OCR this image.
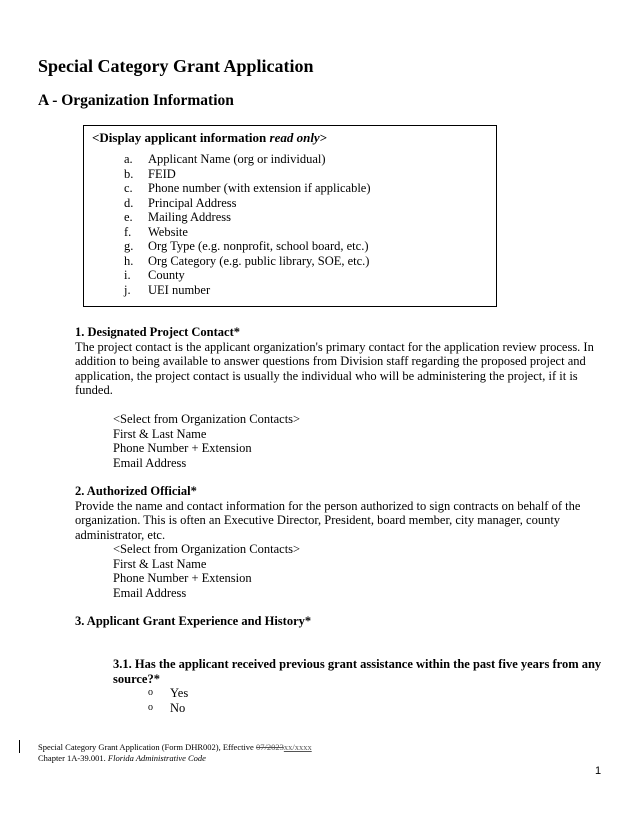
Special Category Grant Application
A - Organization Information
<Display applicant information read only>
a.	Applicant Name (org or individual)
b.	FEID
c.	Phone number (with extension if applicable)
d.	Principal Address
e.	Mailing Address
f.	Website
g.	Org Type (e.g. nonprofit, school board, etc.)
h.	Org Category (e.g. public library, SOE, etc.)
i.	County
j.	UEI number
1. Designated Project Contact*
The project contact is the applicant organization's primary contact for the application review process. In addition to being available to answer questions from Division staff regarding the proposed project and application, the project contact is usually the individual who will be administering the project, if it is funded.
<Select from Organization Contacts>
First & Last Name
Phone Number + Extension
Email Address
2. Authorized Official*
Provide the name and contact information for the person authorized to sign contracts on behalf of the organization. This is often an Executive Director, President, board member, city manager, county administrator, etc.
<Select from Organization Contacts>
First & Last Name
Phone Number + Extension
Email Address
3. Applicant Grant Experience and History*
3.1. Has the applicant received previous grant assistance within the past five years from any source?*
o	Yes
o	No
Special Category Grant Application (Form DHR002), Effective 07/2023xx/xxxx
Chapter 1A-39.001. Florida Administrative Code
1
